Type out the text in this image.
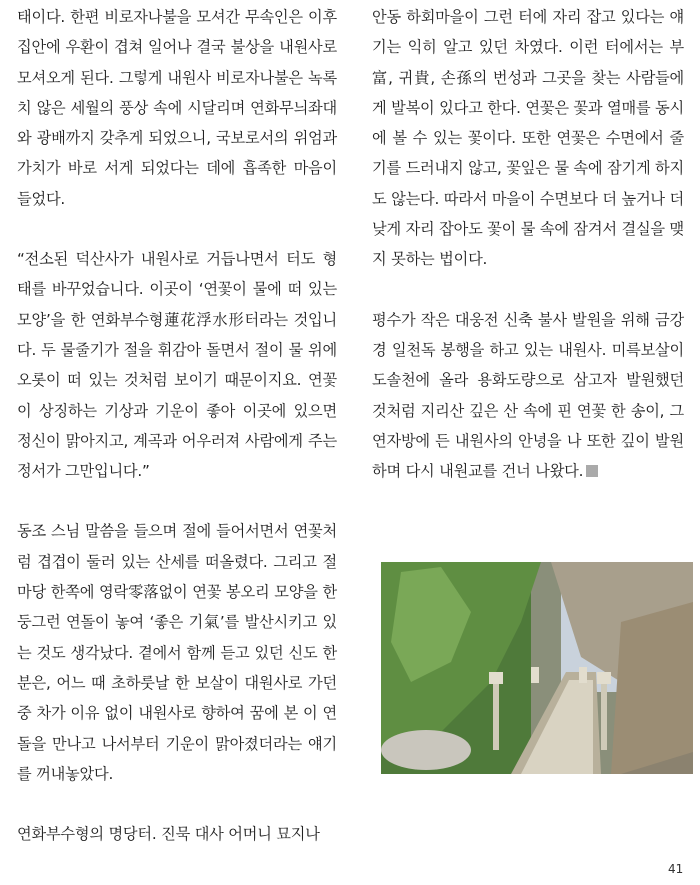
태이다. 한편 비로자나불을 모셔간 무속인은 이후 집안에 우환이 겹쳐 일어나 결국 불상을 내원사로 모셔오게 된다. 그렇게 내원사 비로자나불은 녹록치 않은 세월의 풍상 속에 시달리며 연화무늬좌대와 광배까지 갖추게 되었으니, 국보로서의 위엄과 가치가 바로 서게 되었다는 데에 흡족한 마음이 들었다.

“전소된 덕산사가 내원사로 거듭나면서 터도 형태를 바꾸었습니다. 이곳이 ‘연꽃이 물에 떠 있는 모양’을 한 연화부수형蓮花浮水形터라는 것입니다. 두 물줄기가 절을 휘감아 돌면서 절이 물 위에 오롯이 떠 있는 것처럼 보이기 때문이지요. 연꽃이 상징하는 기상과 기운이 좋아 이곳에 있으면 정신이 맑아지고, 계곡과 어우러져 사람에게 주는 정서가 그만입니다.”

동조 스님 말씀을 들으며 절에 들어서면서 연꽃처럼 겹겹이 둘러 있는 산세를 떠올렸다. 그리고 절 마당 한쪽에 영락零落없이 연꽃 봉오리 모양을 한 둥그런 연돌이 놓여 ‘좋은 기氣’를 발산시키고 있는 것도 생각났다. 곁에서 함께 듣고 있던 신도 한 분은, 어느 때 초하룻날 한 보살이 대원사로 가던 중 차가 이유 없이 내원사로 향하여 꿈에 본 이 연돌을 만나고 나서부터 기운이 맑아졌더라는 얘기를 꺼내놓았다.

연화부수형의 명당터. 진묵 대사 어머니 묘지나

안동 하회마을이 그런 터에 자리 잡고 있다는 얘기는 익히 알고 있던 차였다. 이런 터에서는 부富, 귀貴, 손孫의 번성과 그곳을 찾는 사람들에게 발복이 있다고 한다. 연꽃은 꽃과 열매를 동시에 볼 수 있는 꽃이다. 또한 연꽃은 수면에서 줄기를 드러내지 않고, 꽃잎은 물 속에 잠기게 하지도 않는다. 따라서 마을이 수면보다 더 높거나 더 낮게 자리 잡아도 꽃이 물 속에 잠겨서 결실을 맺지 못하는 법이다.

평수가 작은 대웅전 신축 불사 발원을 위해 금강경 일천독 봉행을 하고 있는 내원사. 미륵보살이 도솔천에 올라 용화도량으로 삼고자 발원했던 것처럼 지리산 깊은 산 속에 핀 연꽃 한 송이, 그 연자방에 든 내원사의 안녕을 나 또한 깊이 발원하며 다시 내원교를 건너 나왔다.

41
